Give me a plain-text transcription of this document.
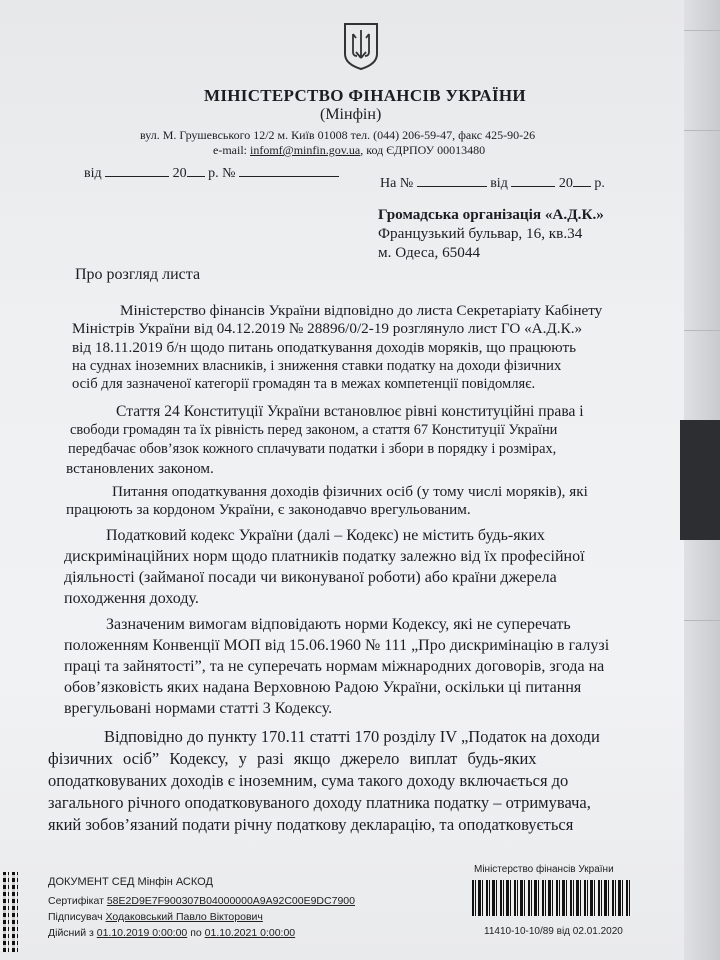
МІНІСТЕРСТВО ФІНАНСІВ УКРАЇНИ
(Мінфін)
вул. М. Грушевського 12/2 м. Київ 01008 тел. (044) 206-59-47, факс 425-90-26
e-mail: infomf@minfin.gov.ua, код ЄДРПОУ 00013480
від	20 р. №
На №	від	20 р.
Громадська організація «А.Д.К.»
Французький бульвар, 16, кв.34
м. Одеса, 65044
Про розгляд листа
Міністерство фінансів України відповідно до листа Секретаріату Кабінету
Міністрів України від 04.12.2019 № 28896/0/2-19 розглянуло лист ГО «А.Д.К.»
від 18.11.2019 б/н щодо питань оподаткування доходів моряків, що працюють
на суднах іноземних власників, і зниження ставки податку на доходи фізичних
осіб для зазначеної категорії громадян та в межах компетенції повідомляє.
Стаття 24 Конституції України встановлює рівні конституційні права і
свободи громадян та їх рівність перед законом, а стаття 67 Конституції України
передбачає обов’язок кожного сплачувати податки і збори в порядку і розмірах,
встановлених законом.
Питання оподаткування доходів фізичних осіб (у тому числі моряків), які
працюють за кордоном України, є законодавчо врегульованим.
Податковий кодекс України (далі – Кодекс) не містить будь-яких
дискримінаційних норм щодо платників податку залежно від їх професійної
діяльності (займаної посади чи виконуваної роботи) або країни джерела
походження доходу.
Зазначеним вимогам відповідають норми Кодексу, які не суперечать
положенням Конвенції МОП від 15.06.1960 № 111 „Про дискримінацію в галузі
праці та зайнятості”, та не суперечать нормам міжнародних договорів, згода на
обов’язковість яких надана Верховною Радою України, оскільки ці питання
врегульовані нормами статті 3 Кодексу.
Відповідно до пункту 170.11 статті 170 розділу IV „Податок на доходи
фізичних осіб” Кодексу, у разі якщо джерело виплат будь-яких
оподатковуваних доходів є іноземним, сума такого доходу включається до
загального річного оподатковуваного доходу платника податку – отримувача,
який зобов’язаний подати річну податкову декларацію, та оподатковується
ДОКУМЕНТ СЕД Мінфін АСКОД
Сертифікат 58E2D9E7F900307B04000000A9A92C00E9DC7900
Підписувач Ходаковський Павло Вікторович
Дійсний з 01.10.2019 0:00:00 по 01.10.2021 0:00:00
Міністерство фінансів України
11410-10-10/89 від 02.01.2020
